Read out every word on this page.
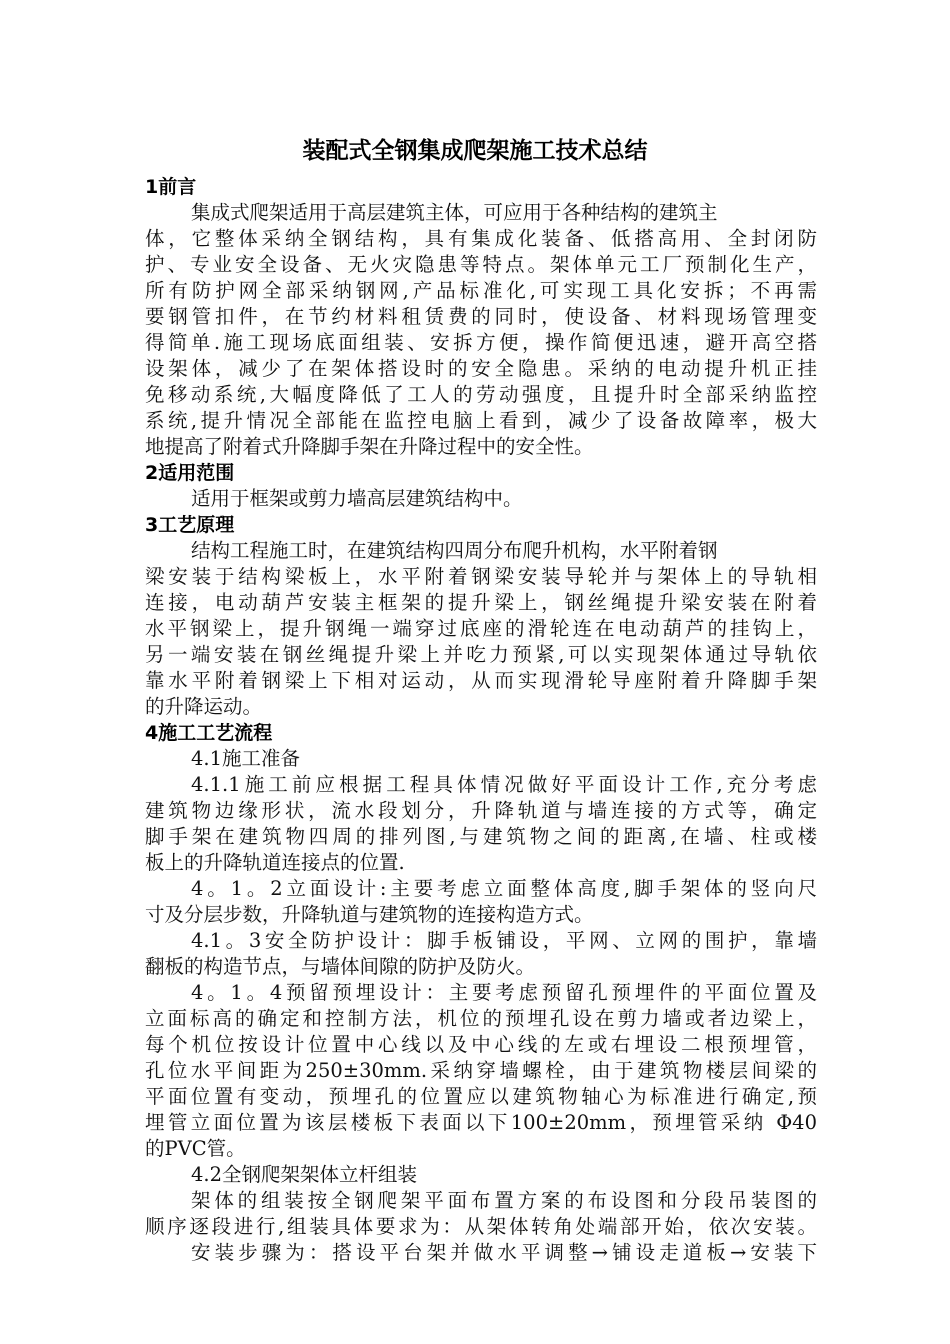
装配式全钢集成爬架施工技术总结
1前言
集成式爬架适用于高层建筑主体，可应用于各种结构的建筑主
体，它整体采纳全钢结构，具有集成化装备、低搭高用、全封闭防
护、专业安全设备、无火灾隐患等特点。架体单元工厂预制化生产，
所有防护网全部采纳钢网,产品标准化,可实现工具化安拆；不再需
要钢管扣件，在节约材料租赁费的同时，使设备、材料现场管理变
得简单.施工现场底面组装、安拆方便，操作简便迅速，避开高空搭
设架体，减少了在架体搭设时的安全隐患。采纳的电动提升机正挂
免移动系统,大幅度降低了工人的劳动强度，且提升时全部采纳监控
系统,提升情况全部能在监控电脑上看到，减少了设备故障率，极大
地提高了附着式升降脚手架在升降过程中的安全性。
2适用范围
适用于框架或剪力墙高层建筑结构中。
3工艺原理
结构工程施工时，在建筑结构四周分布爬升机构，水平附着钢
梁安装于结构梁板上，水平附着钢梁安装导轮并与架体上的导轨相
连接，电动葫芦安装主框架的提升梁上，钢丝绳提升梁安装在附着
水平钢梁上，提升钢绳一端穿过底座的滑轮连在电动葫芦的挂钩上，
另一端安装在钢丝绳提升梁上并吃力预紧,可以实现架体通过导轨依
靠水平附着钢梁上下相对运动，从而实现滑轮导座附着升降脚手架
的升降运动。
4施工工艺流程
4.1施工准备
4.1.1施工前应根据工程具体情况做好平面设计工作,充分考虑
建筑物边缘形状，流水段划分，升降轨道与墙连接的方式等，确定
脚手架在建筑物四周的排列图,与建筑物之间的距离,在墙、柱或楼
板上的升降轨道连接点的位置.
4。1。2立面设计:主要考虑立面整体高度,脚手架体的竖向尺
寸及分层步数，升降轨道与建筑物的连接构造方式。
4.1。3安全防护设计：脚手板铺设，平网、立网的围护，靠墙
翻板的构造节点，与墙体间隙的防护及防火。
4。1。4预留预埋设计：主要考虑预留孔预埋件的平面位置及
立面标高的确定和控制方法，机位的预埋孔设在剪力墙或者边梁上，
每个机位按设计位置中心线以及中心线的左或右埋设二根预埋管，
孔位水平间距为250±30mm.采纳穿墙螺栓，由于建筑物楼层间梁的
平面位置有变动，预埋孔的位置应以建筑物轴心为标准进行确定,预
埋管立面位置为该层楼板下表面以下100±20mm，预埋管采纳 Φ40
的PVC管。
4.2全钢爬架架体立杆组装
架体的组装按全钢爬架平面布置方案的布设图和分段吊装图的
顺序逐段进行,组装具体要求为：从架体转角处端部开始，依次安装。
安装步骤为：搭设平台架并做水平调整→铺设走道板→安装下
